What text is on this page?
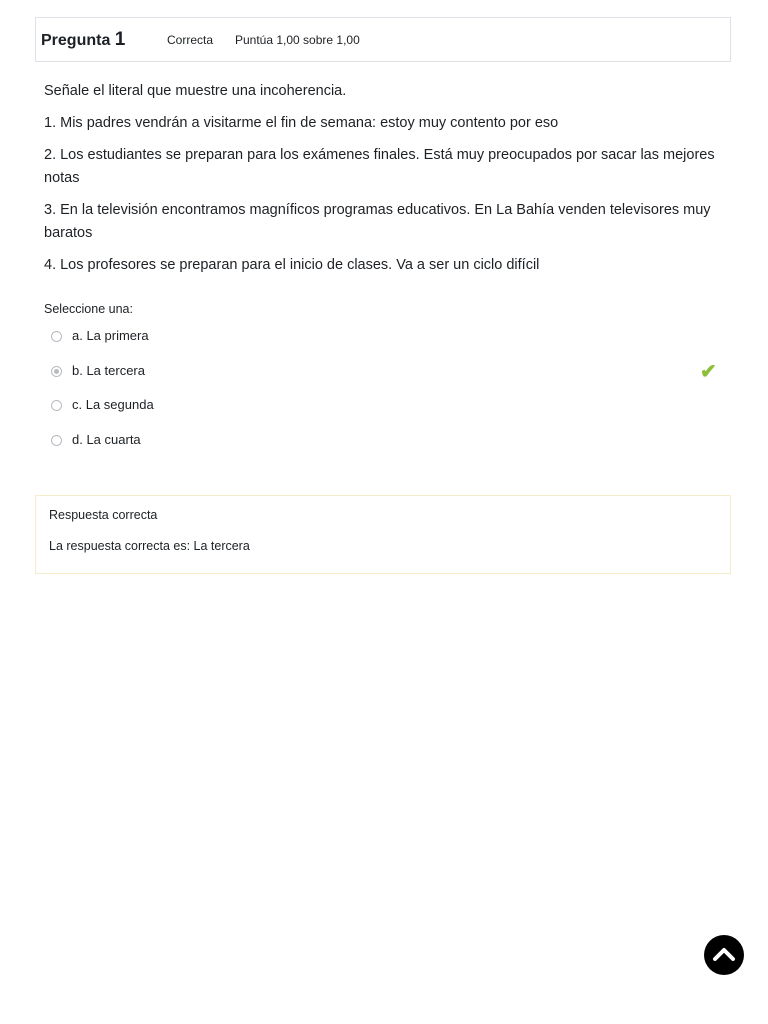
Pregunta 1	Correcta	Puntúa 1,00 sobre 1,00

Señale el literal que muestre una incoherencia.

1. Mis padres vendrán a visitarme el fin de semana: estoy muy contento por eso

2. Los estudiantes se preparan para los exámenes finales. Está muy preocupados por sacar las mejores notas

3. En la televisión encontramos magníficos programas educativos. En La Bahía venden televisores muy baratos

4. Los profesores se preparan para el inicio de clases. Va a ser un ciclo difícil

Seleccione una:
a. La primera
b. La tercera	✔
c. La segunda
d. La cuarta
Respuesta correcta
La respuesta correcta es: La tercera
